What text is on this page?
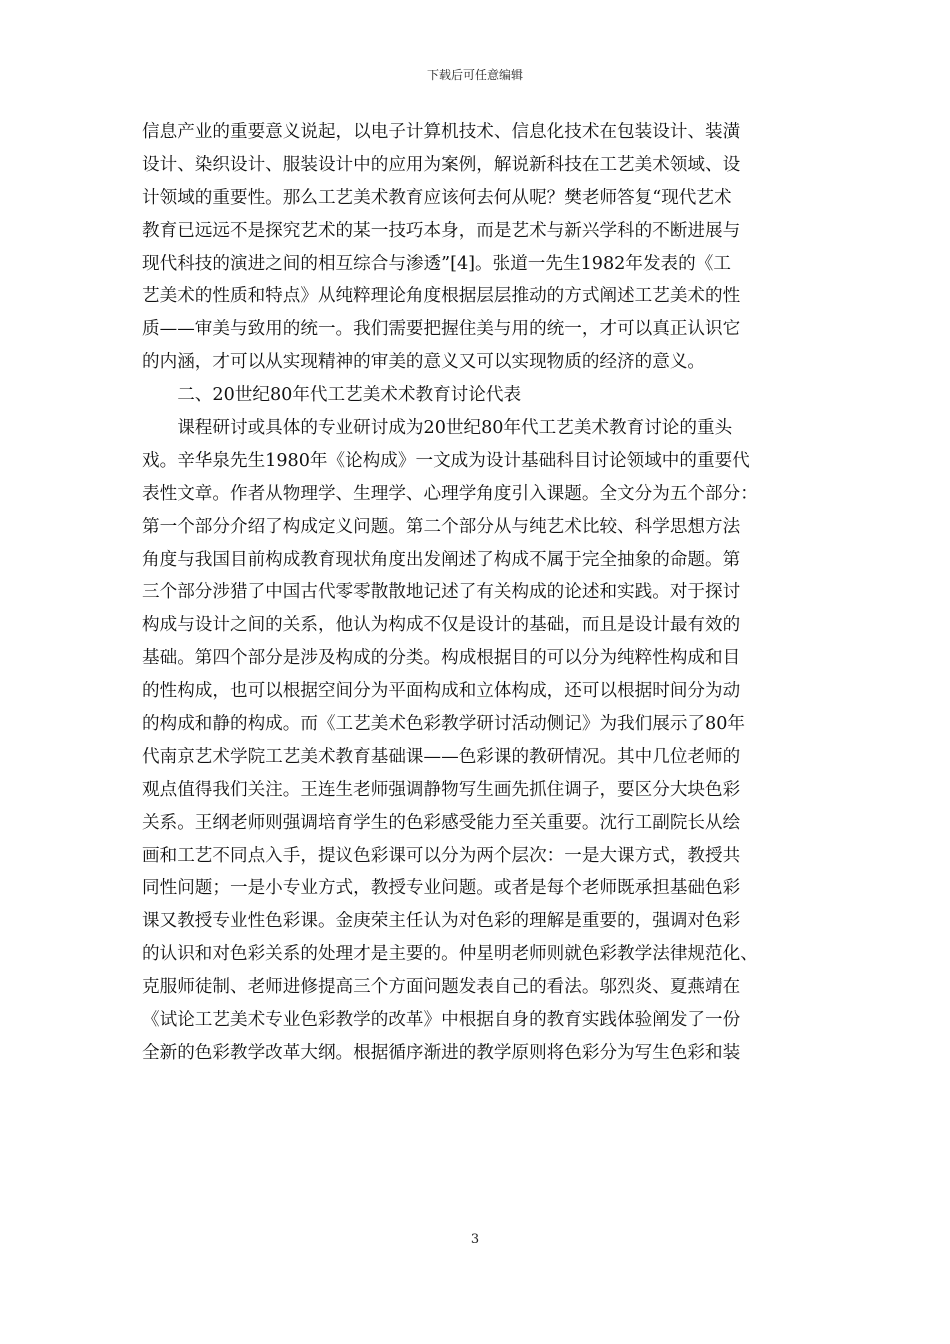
下载后可任意编辑
信息产业的重要意义说起，以电子计算机技术、信息化技术在包装设计、装潢
设计、染织设计、服装设计中的应用为案例，解说新科技在工艺美术领域、设
计领域的重要性。那么工艺美术教育应该何去何从呢？樊老师答复“现代艺术
教育已远远不是探究艺术的某一技巧本身，而是艺术与新兴学科的不断进展与
现代科技的演进之间的相互综合与渗透”[4]。张道一先生1982年发表的《工
艺美术的性质和特点》从纯粹理论角度根据层层推动的方式阐述工艺美术的性
质——审美与致用的统一。我们需要把握住美与用的统一，才可以真正认识它
的内涵，才可以从实现精神的审美的意义又可以实现物质的经济的意义。
　　二、20世纪80年代工艺美术术教育讨论代表
　　课程研讨或具体的专业研讨成为20世纪80年代工艺美术教育讨论的重头
戏。辛华泉先生1980年《论构成》一文成为设计基础科目讨论领域中的重要代
表性文章。作者从物理学、生理学、心理学角度引入课题。全文分为五个部分：
第一个部分介绍了构成定义问题。第二个部分从与纯艺术比较、科学思想方法
角度与我国目前构成教育现状角度出发阐述了构成不属于完全抽象的命题。第
三个部分涉猎了中国古代零零散散地记述了有关构成的论述和实践。对于探讨
构成与设计之间的关系，他认为构成不仅是设计的基础，而且是设计最有效的
基础。第四个部分是涉及构成的分类。构成根据目的可以分为纯粹性构成和目
的性构成，也可以根据空间分为平面构成和立体构成，还可以根据时间分为动
的构成和静的构成。而《工艺美术色彩教学研讨活动侧记》为我们展示了80年
代南京艺术学院工艺美术教育基础课——色彩课的教研情况。其中几位老师的
观点值得我们关注。王连生老师强调静物写生画先抓住调子，要区分大块色彩
关系。王纲老师则强调培育学生的色彩感受能力至关重要。沈行工副院长从绘
画和工艺不同点入手，提议色彩课可以分为两个层次：一是大课方式，教授共
同性问题；一是小专业方式，教授专业问题。或者是每个老师既承担基础色彩
课又教授专业性色彩课。金庚荣主任认为对色彩的理解是重要的，强调对色彩
的认识和对色彩关系的处理才是主要的。仲星明老师则就色彩教学法律规范化、
克服师徒制、老师进修提高三个方面问题发表自己的看法。邬烈炎、夏燕靖在
《试论工艺美术专业色彩教学的改革》中根据自身的教育实践体验阐发了一份
全新的色彩教学改革大纲。根据循序渐进的教学原则将色彩分为写生色彩和装
3
